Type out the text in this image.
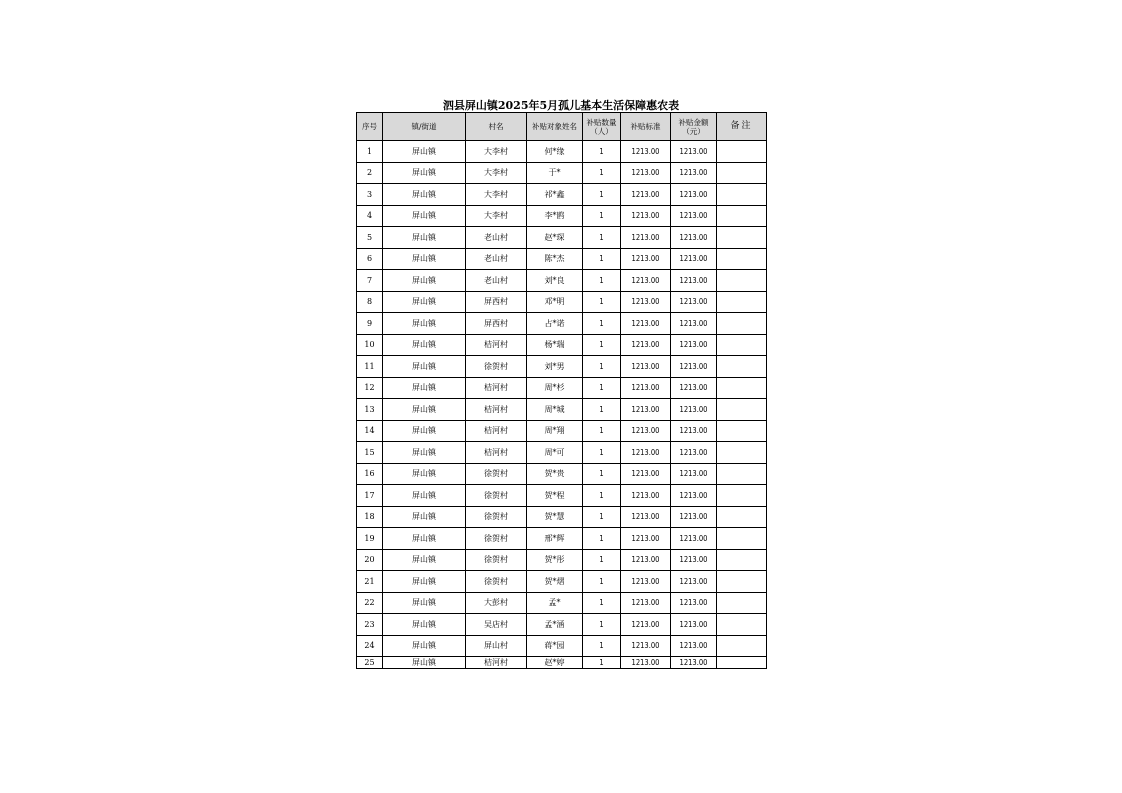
泗县屏山镇2025年5月孤儿基本生活保障惠农表
序号	镇/街道	村名	补贴对象姓名	补贴数量（人）	补贴标准	补贴金额（元）	备注
1	屏山镇	大李村	何*缘	1	1213.00	1213.00	
2	屏山镇	大李村	于*	1	1213.00	1213.00	
3	屏山镇	大李村	祁*鑫	1	1213.00	1213.00	
4	屏山镇	大李村	李*鸥	1	1213.00	1213.00	
5	屏山镇	老山村	赵*琛	1	1213.00	1213.00	
6	屏山镇	老山村	陈*杰	1	1213.00	1213.00	
7	屏山镇	老山村	刘*良	1	1213.00	1213.00	
8	屏山镇	屏西村	邓*明	1	1213.00	1213.00	
9	屏山镇	屏西村	占*诺	1	1213.00	1213.00	
10	屏山镇	桔河村	杨*瑞	1	1213.00	1213.00	
11	屏山镇	徐贺村	刘*男	1	1213.00	1213.00	
12	屏山镇	桔河村	周*杉	1	1213.00	1213.00	
13	屏山镇	桔河村	周*城	1	1213.00	1213.00	
14	屏山镇	桔河村	周*翔	1	1213.00	1213.00	
15	屏山镇	桔河村	周*可	1	1213.00	1213.00	
16	屏山镇	徐贺村	贺*贵	1	1213.00	1213.00	
17	屏山镇	徐贺村	贺*程	1	1213.00	1213.00	
18	屏山镇	徐贺村	贺*慧	1	1213.00	1213.00	
19	屏山镇	徐贺村	邢*辉	1	1213.00	1213.00	
20	屏山镇	徐贺村	贺*彤	1	1213.00	1213.00	
21	屏山镇	徐贺村	贺*熠	1	1213.00	1213.00	
22	屏山镇	大彭村	孟*	1	1213.00	1213.00	
23	屏山镇	吴店村	孟*涵	1	1213.00	1213.00	
24	屏山镇	屏山村	蒋*园	1	1213.00	1213.00	
25	屏山镇	桔河村	赵*婷	1	1213.00	1213.00	
